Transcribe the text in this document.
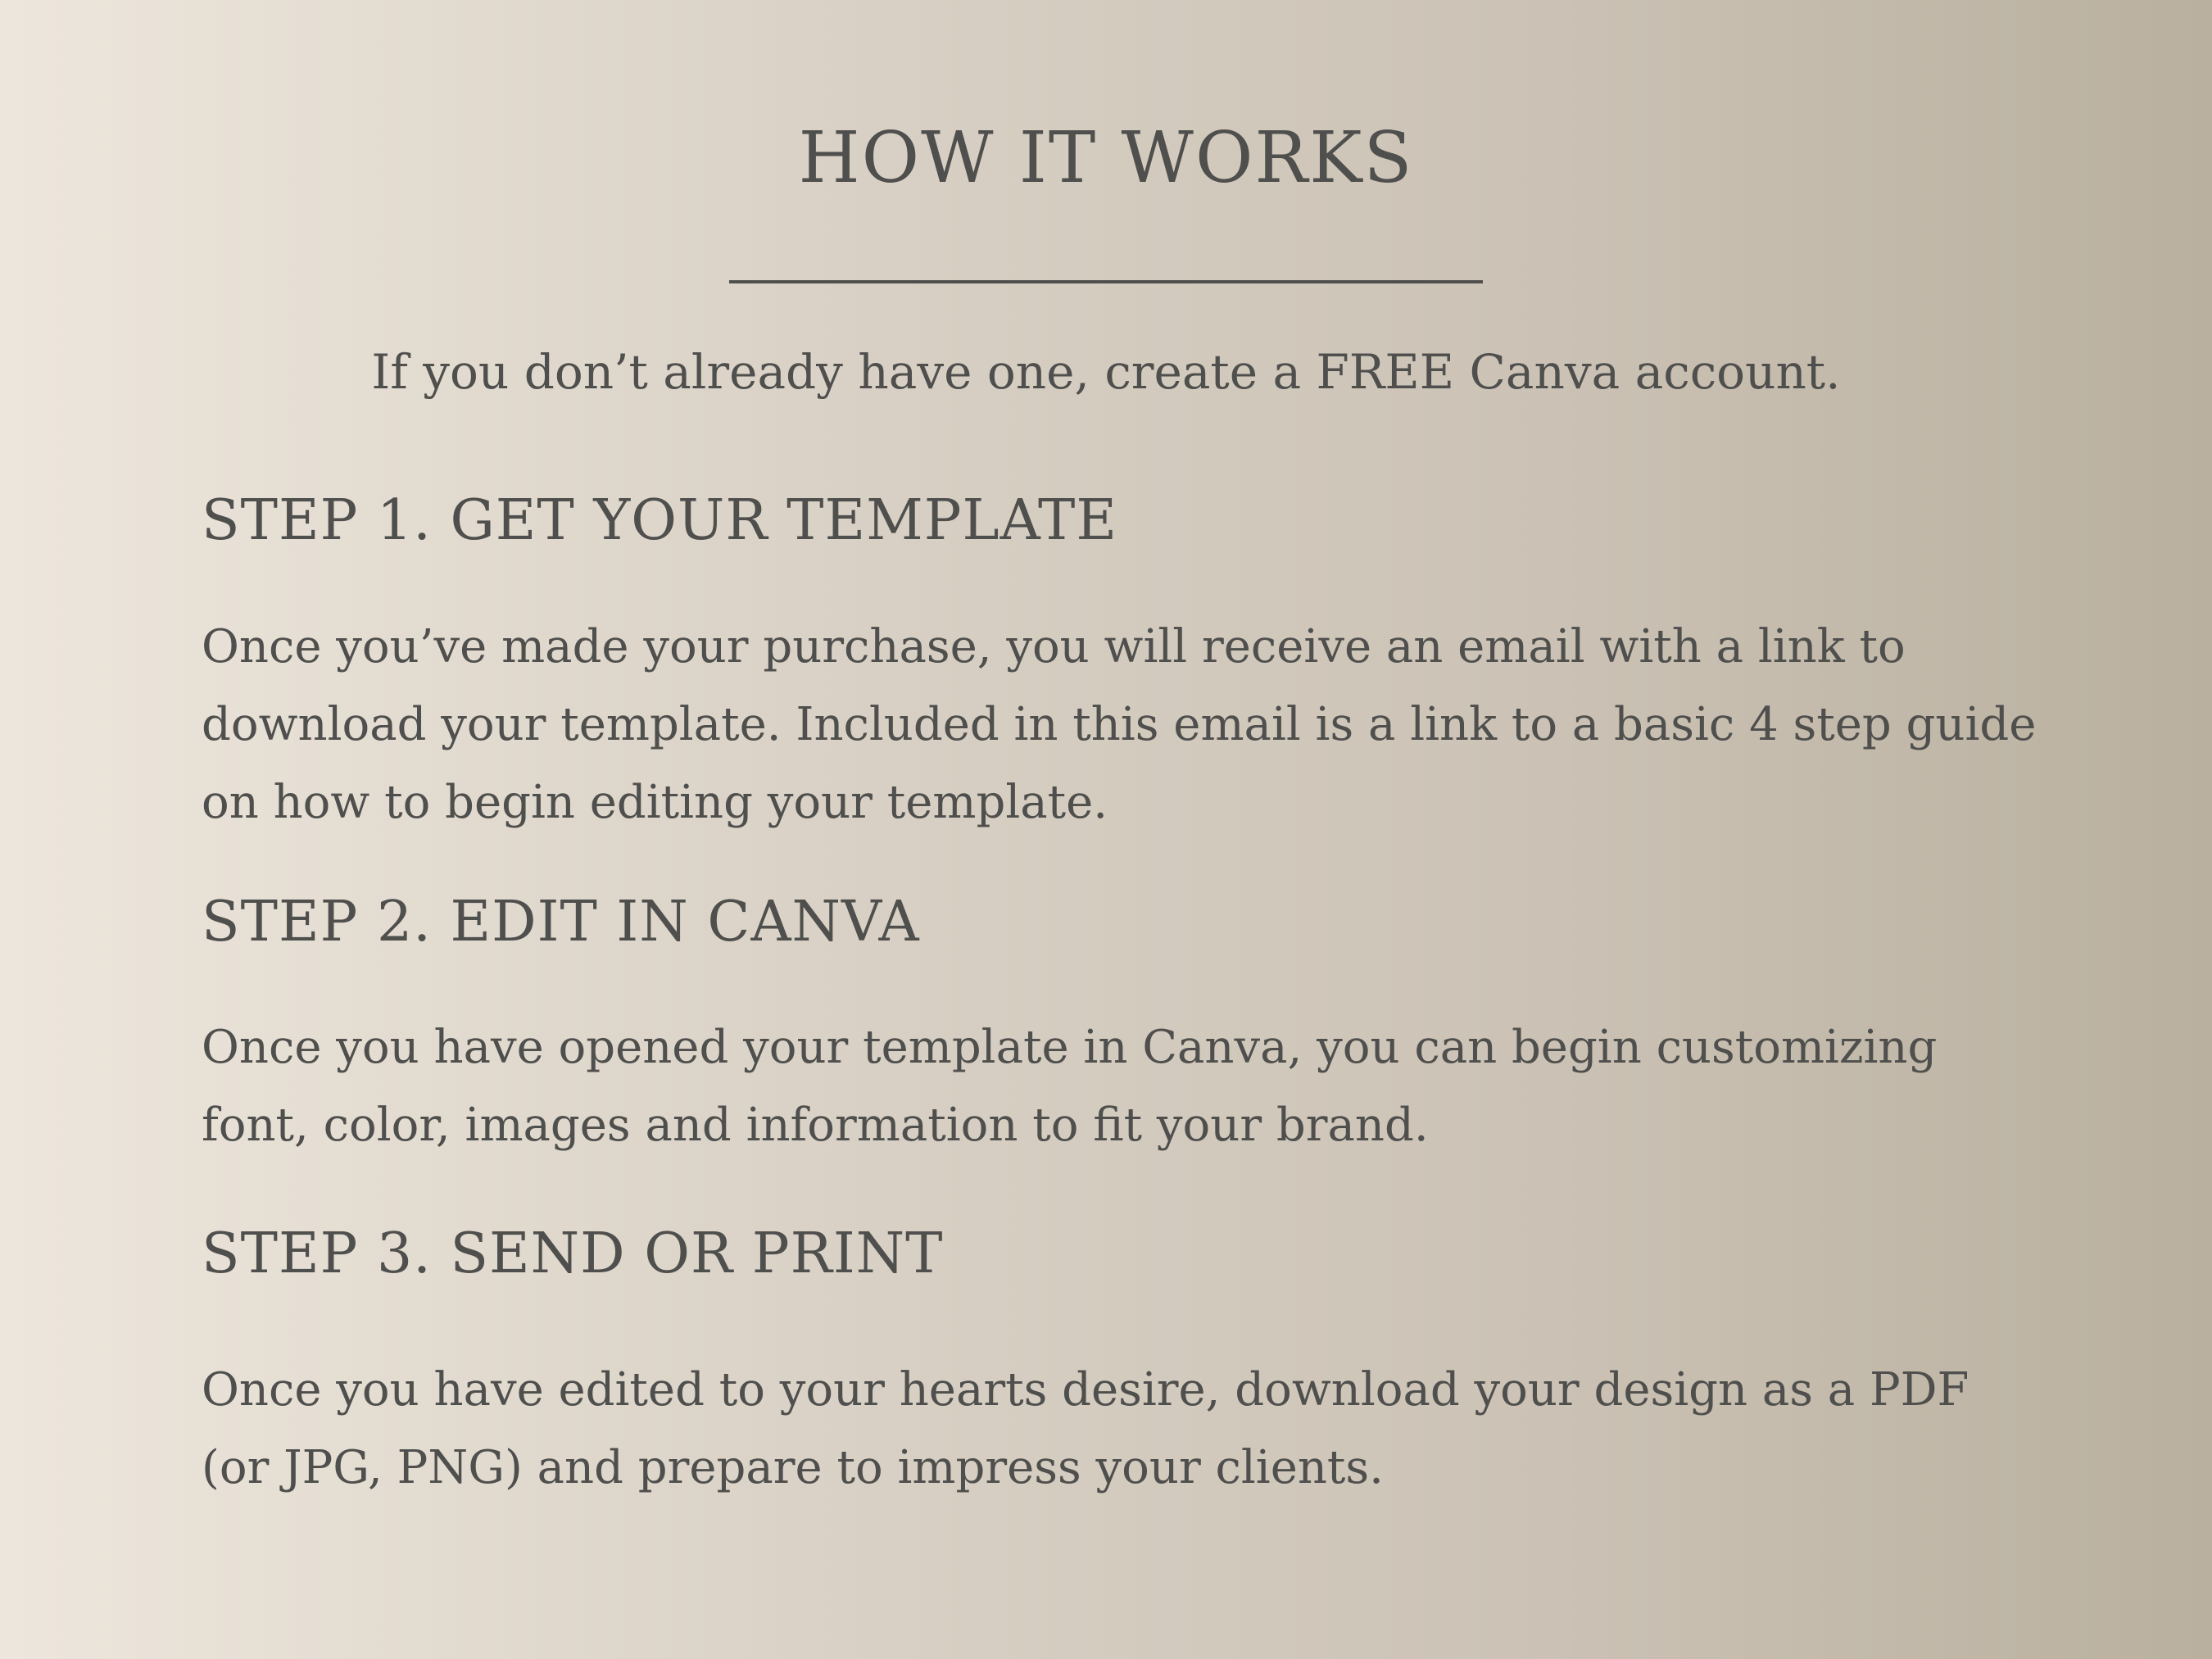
HOW IT WORKS

If you don’t already have one, create a FREE Canva account.

STEP 1. GET YOUR TEMPLATE

Once you’ve made your purchase, you will receive an email with a link to download your template. Included in this email is a link to a basic 4 step guide on how to begin editing your template.

STEP 2. EDIT IN CANVA

Once you have opened your template in Canva, you can begin customizing font, color, images and information to fit your brand.

STEP 3. SEND OR PRINT

Once you have edited to your hearts desire, download your design as a PDF (or JPG, PNG) and prepare to impress your clients.
